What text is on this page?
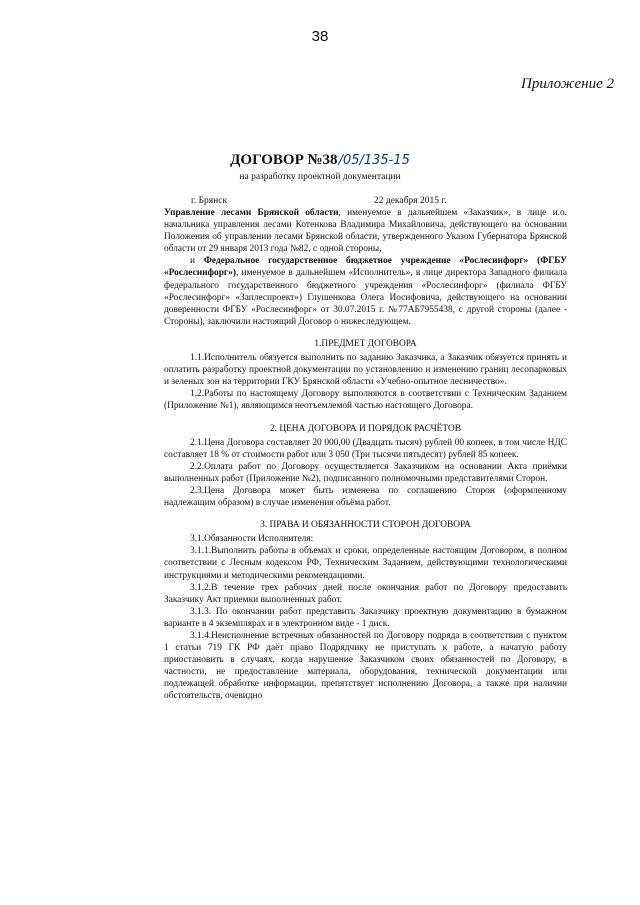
38
Приложение 2
ДОГОВОР №38/05/135-15
на разработку проектной документации
г. Брянск	22 декабря 2015 г.

Управление лесами Брянской области, именуемое в дальнейшем «Заказчик», в лице и.о. начальника управления лесами Котенкова Владимира Михайловича, действующего на основании Положения об управлении лесами Брянской области, утвержденного Указом Губернатора Брянской области от 29 января 2013 года №82, с одной стороны,

и Федеральное государственное бюджетное учреждение «Рослесинфорг» (ФГБУ «Рослесинфорг»), именуемое в дальнейшем «Исполнитель», в лице директора Западного филиала федерального государственного бюджетного учреждения «Рослесинфорг» (филиала ФГБУ «Рослесинфорг» «Заплеспроект») Глушенкова Олега Иосифовича, действующего на основании доверенности ФГБУ «Рослесинфорг» от 30.07.2015 г. №77АБ7955438, с другой стороны (далее - Стороны), заключили настоящий Договор о нижеследующем.

1.ПРЕДМЕТ ДОГОВОРА

1.1.Исполнитель обязуется выполнить по заданию Заказчика, а Заказчик обязуется принять и оплатить разработку проектной документации по установлению и изменению границ лесопарковых и зеленых зон на территории ГКУ Брянской области «Учебно-опытное лесничество».

1.2.Работы по настоящему Договору выполняются в соответствии с Техническим Заданием (Приложение №1), являющимся неотъемлемой частью настоящего Договора.

2. ЦЕНА ДОГОВОРА И ПОРЯДОК РАСЧЁТОВ

2.1.Цена Договора составляет 20 000,00 (Двадцать тысяч) рублей 00 копеек, в том числе НДС составляет 18 % от стоимости работ или 3 050 (Три тысячи пятьдесят) рублей 85 копеек.

2.2.Оплата работ по Договору осуществляется Заказчиком на основании Акта приёмки выполненных работ (Приложение №2), подписанного полномочными представителями Сторон.

2.3.Цена Договора может быть изменена по соглашению Сторон (оформленному надлежащим образом) в случае изменения объёма работ.

3. ПРАВА И ОБЯЗАННОСТИ СТОРОН ДОГОВОРА

3.1.Обязанности Исполнителя:

3.1.1.Выполнить работы в объемах и сроки, определенные настоящим Договором, в полном соответствии с Лесным кодексом РФ, Техническим Заданием, действующими технологическими инструкциями и методическими рекомендациями.

3.1.2.В течение трех рабочих дней после окончания работ по Договору предоставить Заказчику Акт приемки выполненных работ.

3.1.3. По окончании работ представить Заказчику проектную документацию в бумажном варианте в 4 экземплярах и в электронном виде - 1 диск.

3.1.4.Неисполнение встречных обязанностей по Договору подряда в соответствии с пунктом 1 статьи 719 ГК РФ даёт право Подрядчику не приступать к работе, а начатую работу приостановить в случаях, когда нарушение Заказчиком своих обязанностей по Договору, в частности, не предоставление материала, оборудования, технической документации или подлежащей обработке информации, препятствует исполнению Договора, а также при наличии обстоятельств, очевидно
